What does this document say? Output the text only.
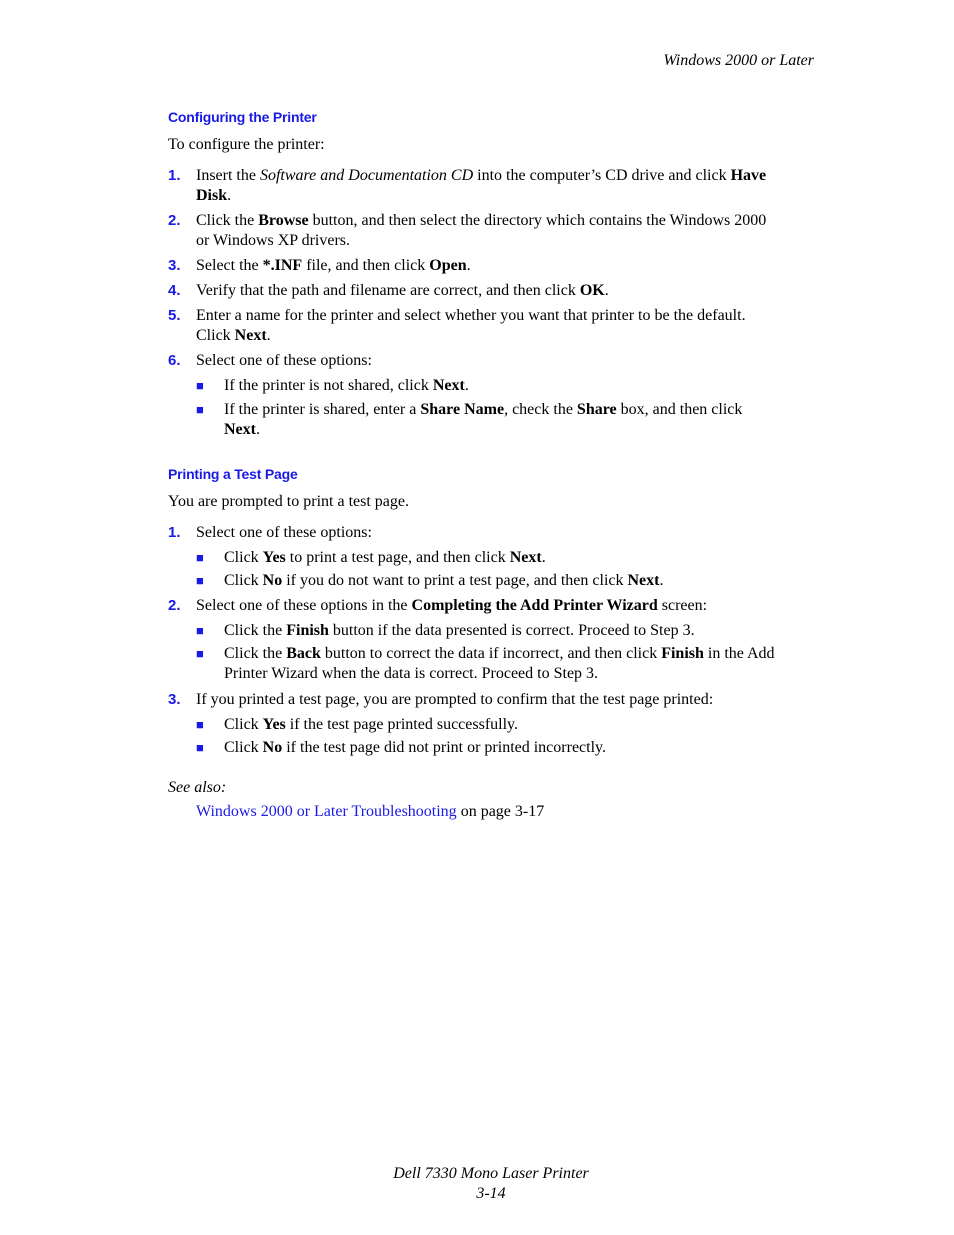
Windows 2000 or Later
Configuring the Printer
To configure the printer:
1. Insert the Software and Documentation CD into the computer’s CD drive and click Have
Disk.
2. Click the Browse button, and then select the directory which contains the Windows 2000
or Windows XP drivers.
3. Select the *.INF file, and then click Open.
4. Verify that the path and filename are correct, and then click OK.
5. Enter a name for the printer and select whether you want that printer to be the default.
Click Next.
6. Select one of these options:
■ If the printer is not shared, click Next.
■ If the printer is shared, enter a Share Name, check the Share box, and then click
Next.
Printing a Test Page
You are prompted to print a test page.
1. Select one of these options:
■ Click Yes to print a test page, and then click Next.
■ Click No if you do not want to print a test page, and then click Next.
2. Select one of these options in the Completing the Add Printer Wizard screen:
■ Click the Finish button if the data presented is correct. Proceed to Step 3.
■ Click the Back button to correct the data if incorrect, and then click Finish in the Add
Printer Wizard when the data is correct. Proceed to Step 3.
3. If you printed a test page, you are prompted to confirm that the test page printed:
■ Click Yes if the test page printed successfully.
■ Click No if the test page did not print or printed incorrectly.
See also:
Windows 2000 or Later Troubleshooting on page 3-17
Dell 7330 Mono Laser Printer
3-14
